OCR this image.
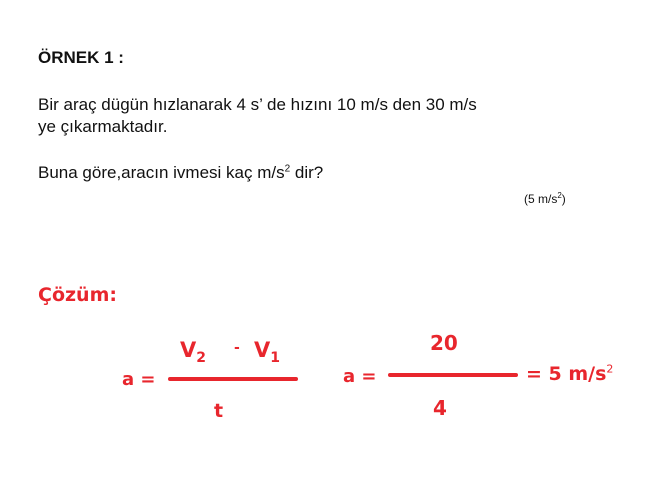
ÖRNEK 1 :
Bir araç dügün hızlanarak 4 s’ de hızını 10 m/s den 30 m/s
ye çıkarmaktadır.
Buna göre,aracın ivmesi kaç $m/s^2$ dir?
(5 $m/s^2$)
Çözüm:
a =
$V_2$
- $V_1$
t
a =
20
4
= 5 $m/s^2$
